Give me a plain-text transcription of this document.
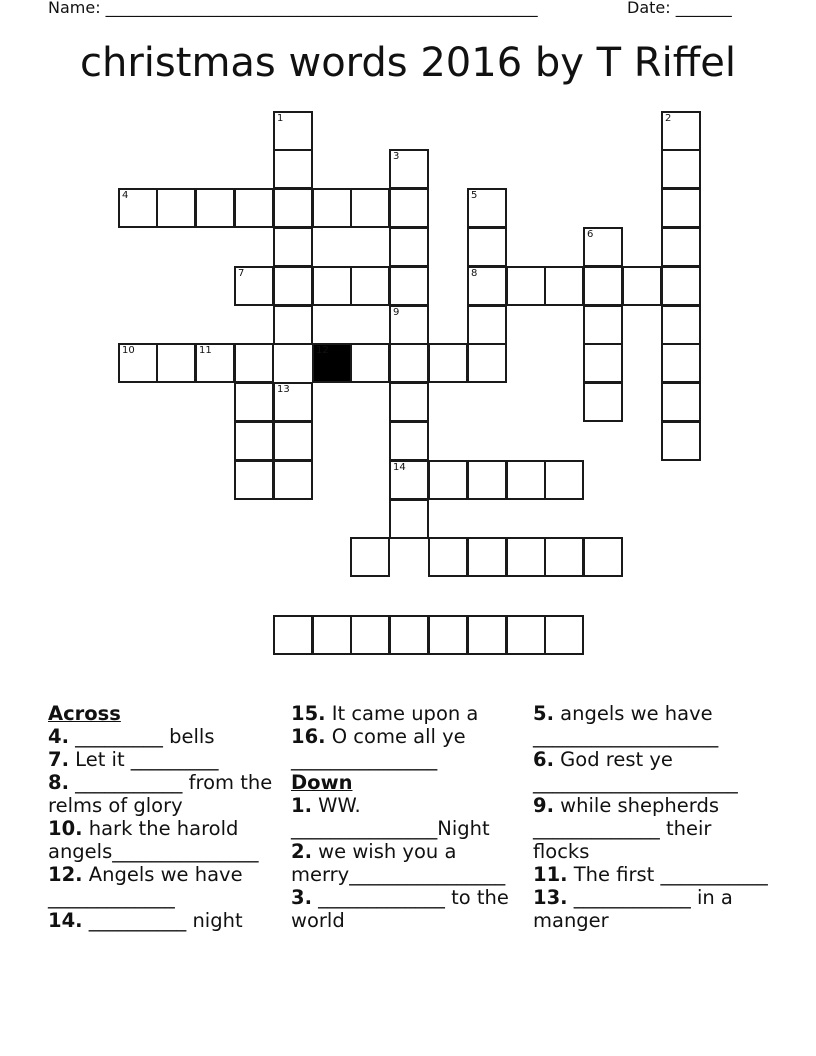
Name: ______________________________________________________	Date: _______
christmas words 2016 by T Riffel
1
13
2
3
4	5
8
6
7
9
14
10	11	12
Across
4. _________ bells
7. Let it _________
8. ___________ from the relms of glory
10. hark the harold angels_______________
12. Angels we have _____________
14. __________ night
15. It came upon a
16. O come all ye _______________
Down
1. WW. _______________Night
2. we wish you a merry________________
3. _____________ to the world
5. angels we have ___________________
6. God rest ye _____________________
9. while shepherds _____________ their flocks
11. The first ___________
13. ____________ in a manger
